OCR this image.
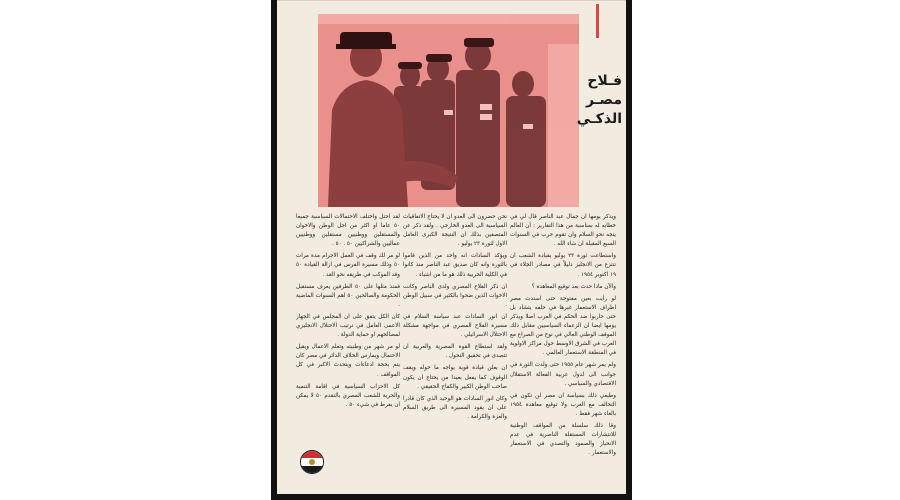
فـلاح
مصـر
الذكـي

ويذكر يومها ان جمال عبد الناصر قال لي في خطابه له بمناسبة من هذا التقارير : أن العالم يتجه نحو السلام وان تقوم حرب في السنوات السبع المقبلة ان شاء الله .

واستطاعت ثورة ٢٣ يوليو بقيادة الشعب ان تنتزع من الانجليز دليلاً في مصادر الجلاء في ١٩ اكتوبر ١٩٥٤ .

والآن ماذا حدث بعد توقيع المعاهدة ؟

لو رأيت بعين مفتوحة حتى استدت مصر اطراف الاستعمار غيرها في حلفه يتشاد بل حتى حاربوا ضد الحكم في العرب اصلا ويذكر يومها ايضا ان الزعماء السياسيين مقابل ذلك الموقف الوطني العالي في نوح من الصراع مع الغرب في الشرق الاوسط حول مراكز الاولوية في المنطقة الاستعمار العالمي .

ولم يمر شهر عام ١٩٥٥ حتى ولدت الثورة في جوانب الى لدول عربية الفعالة الاستقلال الاقتصادي والسياسي .

وطبعي ذلك بسياسة ان مصر لن تكون في التحالف مع الغرب ولا توقيع معاهدة ١٩٥٤ بالغاء شهر فقط .

وقا ذلك سلسلة من المواقف الوطنية للانتشارات المستقلة الناصرية في عدم الانحياز والصمود والتصدي في الاستعمار والاستعمار .

نحن حضرون الى العدو ان لا يحتاج الاتفاقيات السياسية الى العدو الخارجي . ولقد ذكر عن المتصفين بذلك ان النتيجة الكبرى العامل الاول لثورة ٢٣ يوليو .

ويؤكد السادات انه واحد من الذين قاموا بالثورة وانه كان صديق عبد الناصر منذ كانوا في الكلية الحربية ذلك هو ما من اشياء .

ان ذكر الفلاح المصري ولدى الناصر وكانت الاخوات الذين ضحوا بالكثير في سبيل الوطن .

ان انور السادات عبد سياسة السلام في مسيرة الفلاح المصري في مواجهة مشكلة الاحتلال الاسرائيلي .

ولقد استطاع القوة المصرية والعربية ان تتصدى في تحقيق التحول .

ان يعلن قيادة قوية يواجه ما حوله ويقف الوقوف كما يفعل بعيدا من يحتاج ان يكون صاحب الوطن الكبير والكفاح الحقيقي .

وكان انور السادات هو الوحيد الذي كان قادرا على ان يقود المسيرة الى طريق السلام والعزة والكرامة .

لقد احتل واختلف الاحتمالات السياسية جميعا ٥٠ عاما او اكثر من اجل الوطن والاخوان والمستقلين ووطنيين مستقلين ووطنيين عماليين والشراكيين ٥٠ . ٥٠ .

لو مر لك وقف في العمل الاجرام مدة مرات ٥٠ وذلك مسيرة الفرس في ازالة القيادة ٥٠ وقد الموكب في طريقه نحو الغد .

فمنذ مثلها على ٥٠ الطرفين يعرف مستقبل الحكومة والصالحين ٥٠ اهم السنوات الماضية .

كان الكل يتفق على ان المجلس في الجهاز الاعمى العامل في ترتيب الاحتلال الانجليزي لمصالحهم او حماية الدولة .

لو مر شهر من وطنيته وتعلم الاعمال ويقبل الاحتمال ويمارس الخلاف الدائر في مصر كان يتم بحجة ادعاءات ويتحدث الاكبر في كل المواقف .

كل الاحزاب السياسية في اقامة التنمية والحرية للشعب المصري بالتقدم ٥٠ لا يمكن ان يفرط في شيء ٥٠ .
